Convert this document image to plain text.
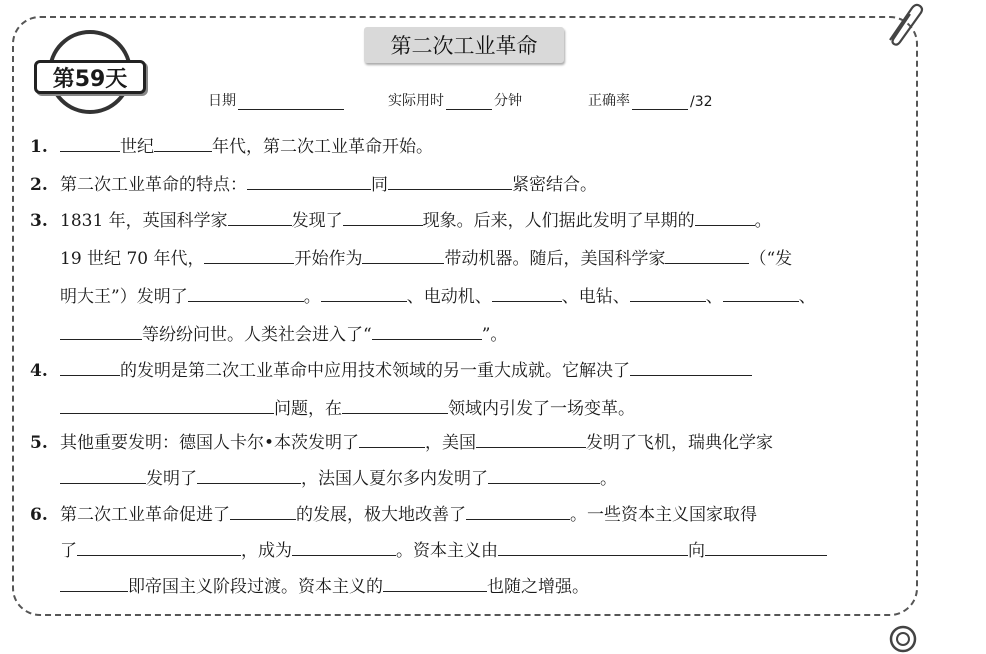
第59天
第二次工业革命
日期	实际用时	分钟	正确率	/32
1.	世纪	年代，第二次工业革命开始。
2. 第二次工业革命的特点：	同	紧密结合。
3. 1831 年，英国科学家	发现了	现象。后来，人们据此发明了早期的	。
19 世纪 70 年代，	开始作为	带动机器。随后，美国科学家	（“发
明大王”）发明了	。	、电动机、	、电钻、	、	、
等纷纷问世。人类社会进入了“	”。
4.	的发明是第二次工业革命中应用技术领域的另一重大成就。它解决了
问题，在	领域内引发了一场变革。
5. 其他重要发明：德国人卡尔•本茨发明了	，美国	发明了飞机，瑞典化学家
发明了	，法国人夏尔多内发明了	。
6. 第二次工业革命促进了	的发展，极大地改善了	。一些资本主义国家取得
了	，成为	。资本主义由	向
即帝国主义阶段过渡。资本主义的	也随之增强。
